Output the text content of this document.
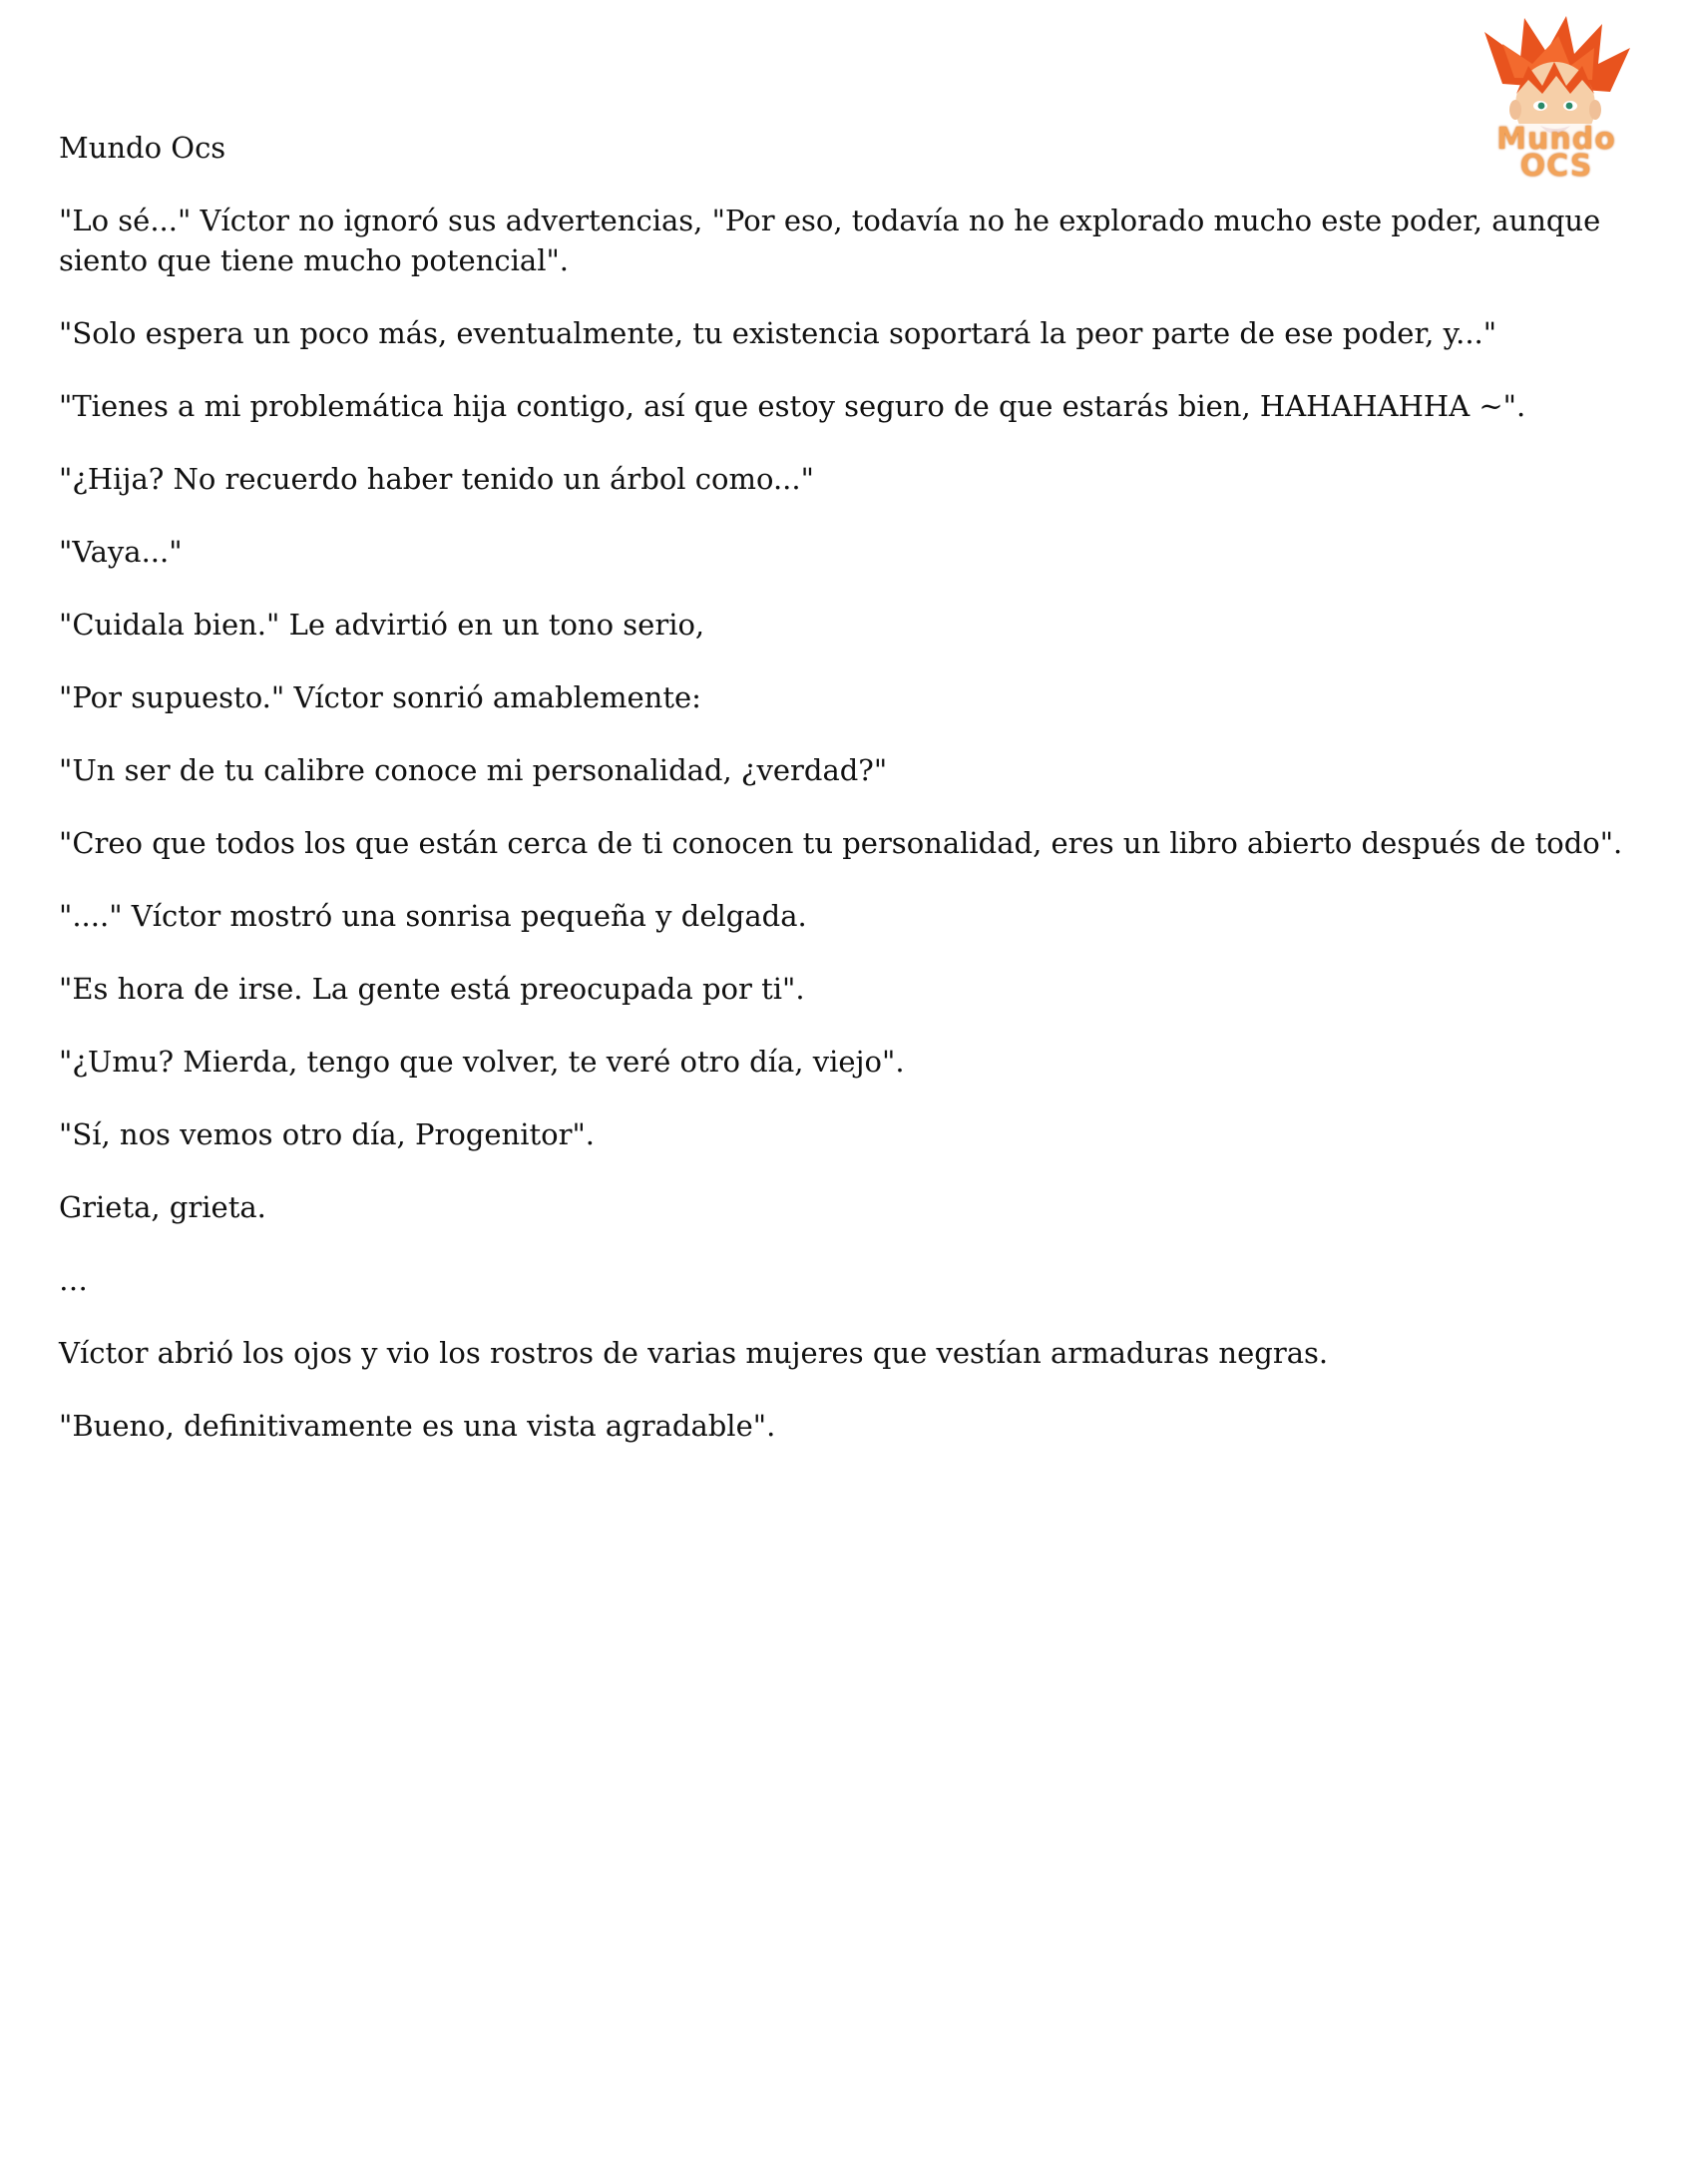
Mundo OCS
Mundo Ocs

"Lo sé..." Víctor no ignoró sus advertencias, "Por eso, todavía no he explorado mucho este poder, aunque siento que tiene mucho potencial".

"Solo espera un poco más, eventualmente, tu existencia soportará la peor parte de ese poder, y..."

"Tienes a mi problemática hija contigo, así que estoy seguro de que estarás bien, HAHAHAHHA ~".

"¿Hija? No recuerdo haber tenido un árbol como..."

"Vaya..."

"Cuidala bien." Le advirtió en un tono serio,

"Por supuesto." Víctor sonrió amablemente:

"Un ser de tu calibre conoce mi personalidad, ¿verdad?"

"Creo que todos los que están cerca de ti conocen tu personalidad, eres un libro abierto después de todo".

"...." Víctor mostró una sonrisa pequeña y delgada.

"Es hora de irse. La gente está preocupada por ti".

"¿Umu? Mierda, tengo que volver, te veré otro día, viejo".

"Sí, nos vemos otro día, Progenitor".

Grieta, grieta.

…

Víctor abrió los ojos y vio los rostros de varias mujeres que vestían armaduras negras.

"Bueno, definitivamente es una vista agradable".
